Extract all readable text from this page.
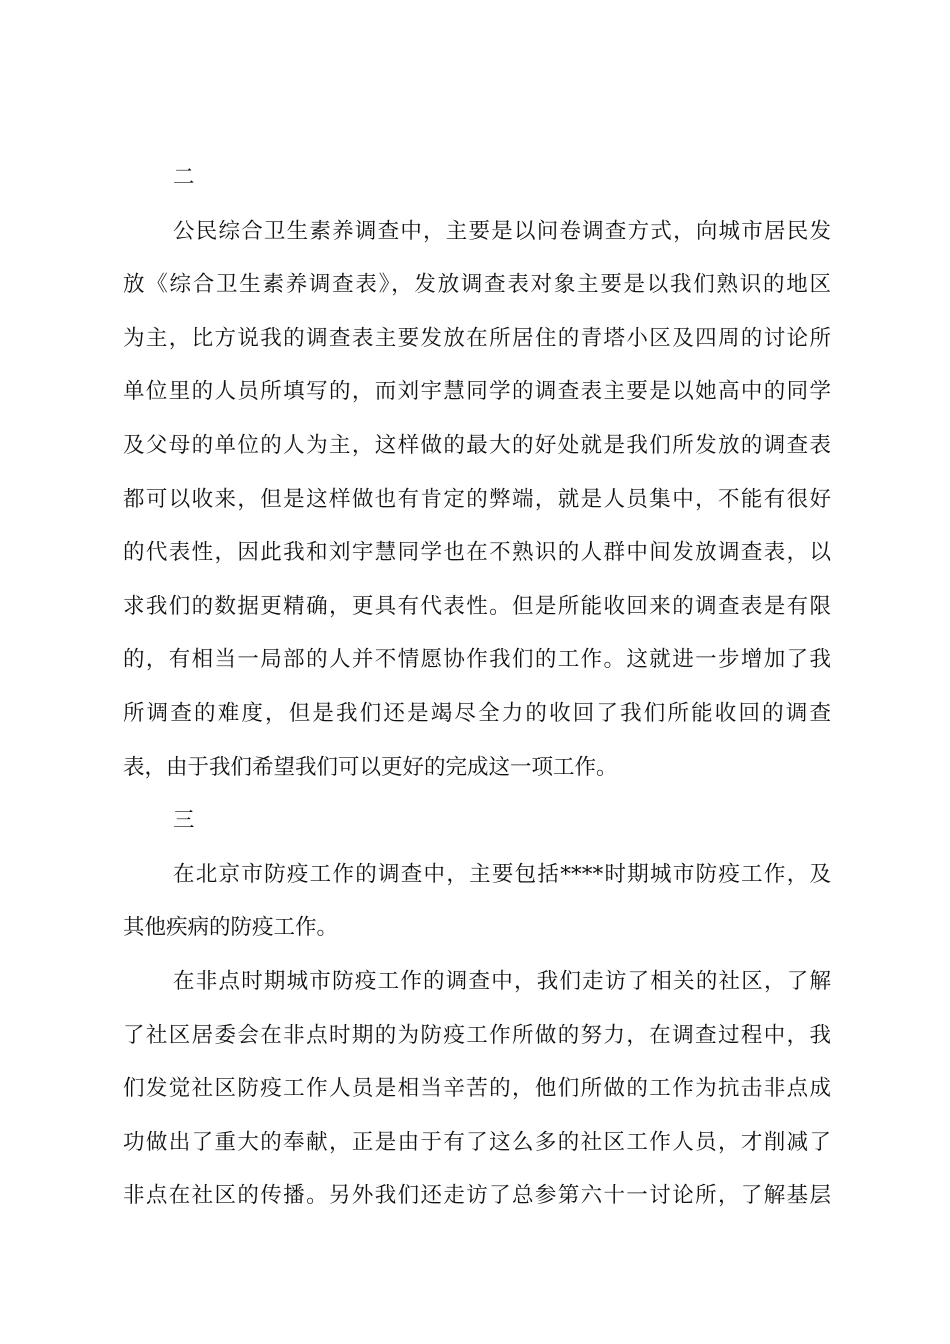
二
公民综合卫生素养调查中，主要是以问卷调查方式，向城市居民发
放《综合卫生素养调查表》，发放调查表对象主要是以我们熟识的地区
为主，比方说我的调查表主要发放在所居住的青塔小区及四周的讨论所
单位里的人员所填写的，而刘宇慧同学的调查表主要是以她高中的同学
及父母的单位的人为主，这样做的最大的好处就是我们所发放的调查表
都可以收来，但是这样做也有肯定的弊端，就是人员集中，不能有很好
的代表性，因此我和刘宇慧同学也在不熟识的人群中间发放调查表，以
求我们的数据更精确，更具有代表性。但是所能收回来的调查表是有限
的，有相当一局部的人并不情愿协作我们的工作。这就进一步增加了我
所调查的难度，但是我们还是竭尽全力的收回了我们所能收回的调查
表，由于我们希望我们可以更好的完成这一项工作。
三
在北京市防疫工作的调查中，主要包括****时期城市防疫工作，及
其他疾病的防疫工作。
在非点时期城市防疫工作的调查中，我们走访了相关的社区，了解
了社区居委会在非点时期的为防疫工作所做的努力，在调查过程中，我
们发觉社区防疫工作人员是相当辛苦的，他们所做的工作为抗击非点成
功做出了重大的奉献，正是由于有了这么多的社区工作人员，才削减了
非点在社区的传播。另外我们还走访了总参第六十一讨论所，了解基层
